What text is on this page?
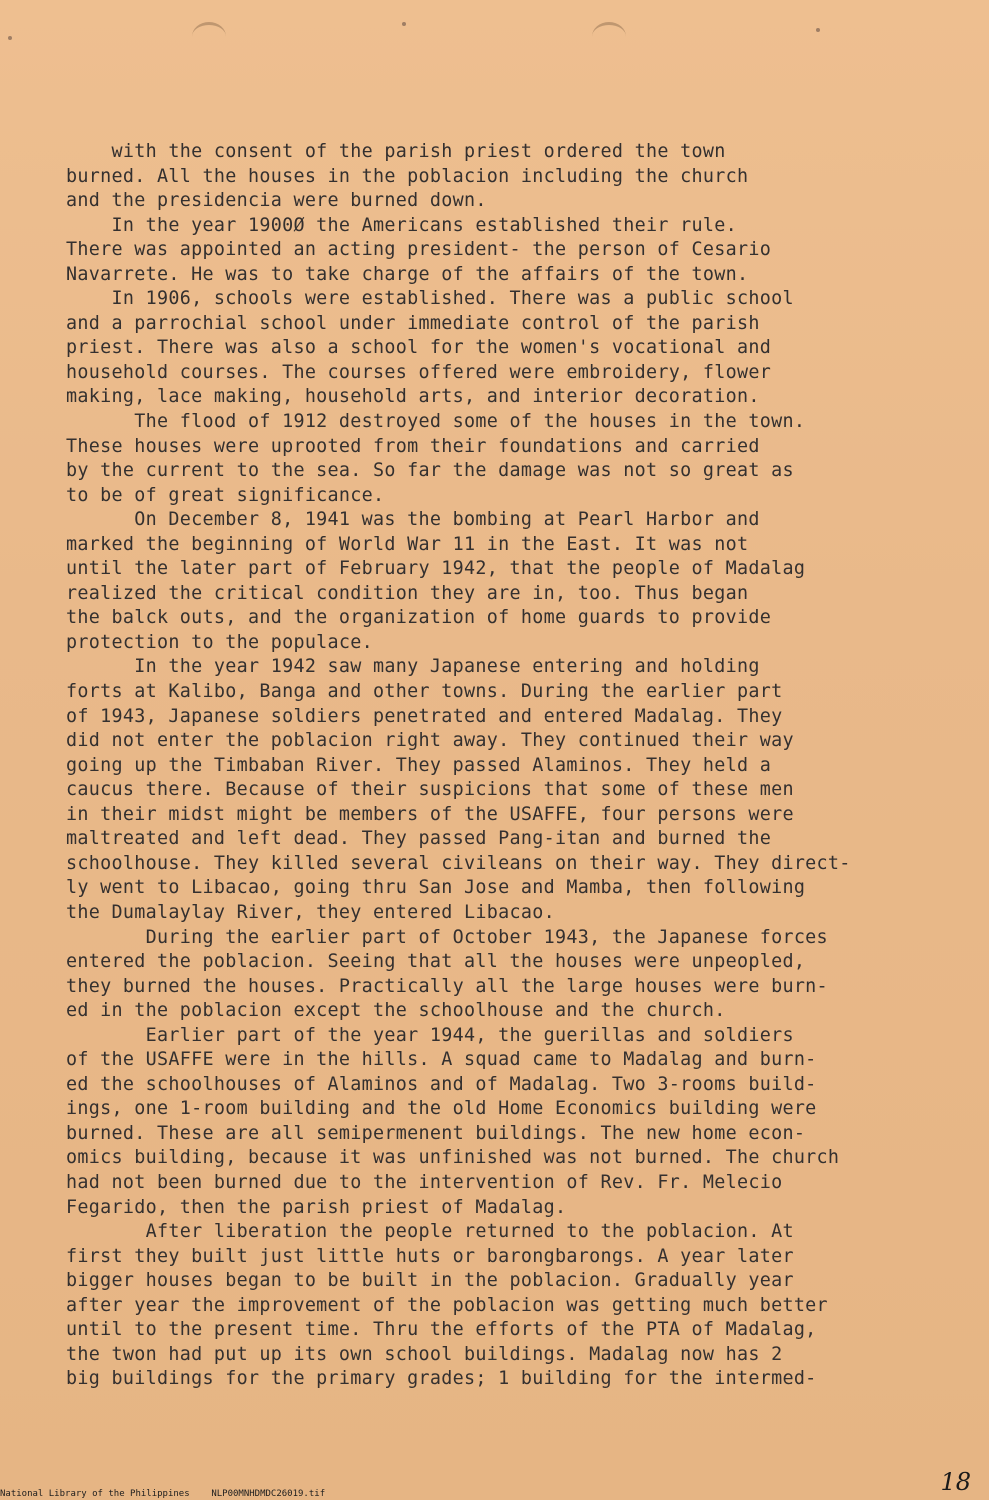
with the consent of the parish priest ordered the town
burned. All the houses in the poblacion including the church
and the presidencia were burned down.
In the year 1900Ø the Americans established their rule.
There was appointed an acting president- the person of Cesario
Navarrete. He was to take charge of the affairs of the town.
In 1906, schools were established. There was a public school
and a parrochial school under immediate control of the parish
priest. There was also a school for the women's vocational and
household courses. The courses offered were embroidery, flower
making, lace making, household arts, and interior decoration.
The flood of 1912 destroyed some of the houses in the town.
These houses were uprooted from their foundations and carried
by the current to the sea. So far the damage was not so great as
to be of great significance.
On December 8, 1941 was the bombing at Pearl Harbor and
marked the beginning of World War 11 in the East. It was not
until the later part of February 1942, that the people of Madalag
realized the critical condition they are in, too. Thus began
the balck outs, and the organization of home guards to provide
protection to the populace.
In the year 1942 saw many Japanese entering and holding
forts at Kalibo, Banga and other towns. During the earlier part
of 1943, Japanese soldiers penetrated and entered Madalag. They
did not enter the poblacion right away. They continued their way
going up the Timbaban River. They passed Alaminos. They held a
caucus there. Because of their suspicions that some of these men
in their midst might be members of the USAFFE, four persons were
maltreated and left dead. They passed Pang-itan and burned the
schoolhouse. They killed several civileans on their way. They direct-
ly went to Libacao, going thru San Jose and Mamba, then following
the Dumalaylay River, they entered Libacao.
During the earlier part of October 1943, the Japanese forces
entered the poblacion. Seeing that all the houses were unpeopled,
they burned the houses. Practically all the large houses were burn-
ed in the poblacion except the schoolhouse and the church.
Earlier part of the year 1944, the guerillas and soldiers
of the USAFFE were in the hills. A squad came to Madalag and burn-
ed the schoolhouses of Alaminos and of Madalag. Two 3-rooms build-
ings, one 1-room building and the old Home Economics building were
burned. These are all semipermenent buildings. The new home econ-
omics building, because it was unfinished was not burned. The church
had not been burned due to the intervention of Rev. Fr. Melecio
Fegarido, then the parish priest of Madalag.
After liberation the people returned to the poblacion. At
first they built just little huts or barongbarongs. A year later
bigger houses began to be built in the poblacion. Gradually year
after year the improvement of the poblacion was getting much better
until to the present time. Thru the efforts of the PTA of Madalag,
the twon had put up its own school buildings. Madalag now has 2
big buildings for the primary grades; 1 building for the intermed-
National Library of the Philippines    NLP00MNHDMDC26019.tif	18
